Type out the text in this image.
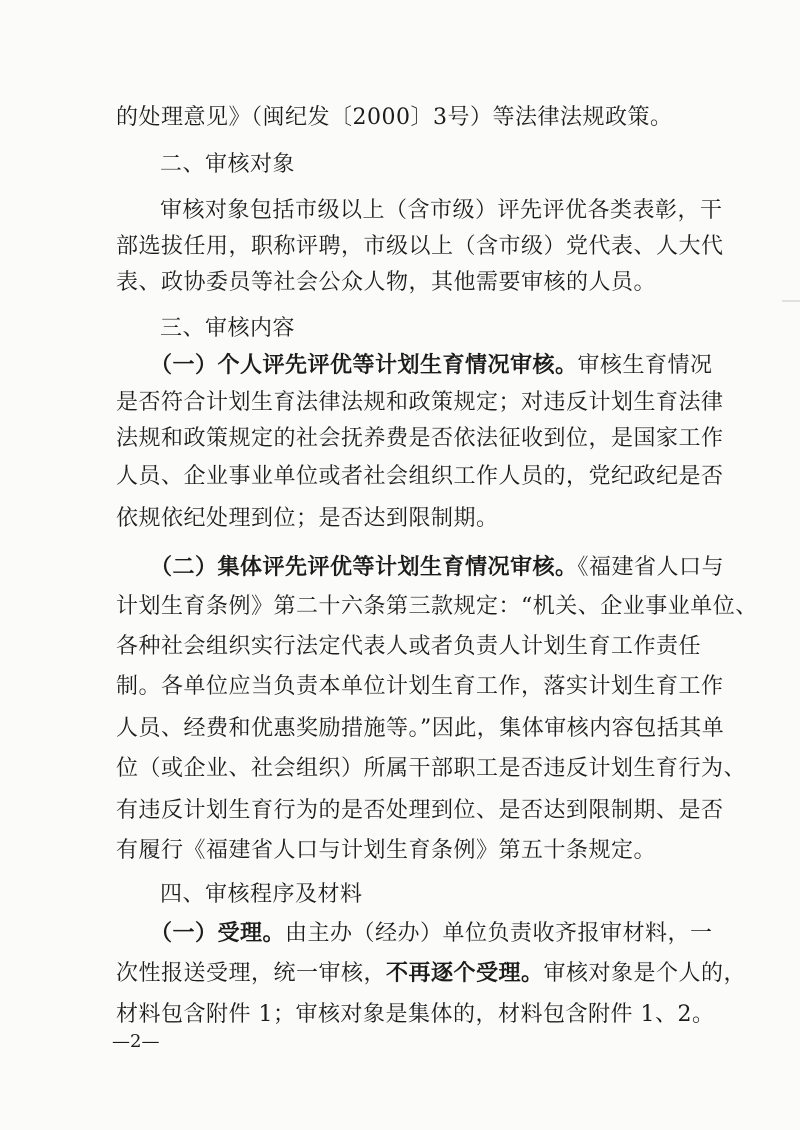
的处理意见》（闽纪发〔2000〕3号）等法律法规政策。
二、审核对象
审核对象包括市级以上（含市级）评先评优各类表彰，干
部选拔任用，职称评聘，市级以上（含市级）党代表、人大代
表、政协委员等社会公众人物，其他需要审核的人员。
三、审核内容
（一）个人评先评优等计划生育情况审核。审核生育情况
是否符合计划生育法律法规和政策规定；对违反计划生育法律
法规和政策规定的社会抚养费是否依法征收到位，是国家工作
人员、企业事业单位或者社会组织工作人员的，党纪政纪是否
依规依纪处理到位；是否达到限制期。
（二）集体评先评优等计划生育情况审核。《福建省人口与
计划生育条例》第二十六条第三款规定：“机关、企业事业单位、
各种社会组织实行法定代表人或者负责人计划生育工作责任
制。各单位应当负责本单位计划生育工作，落实计划生育工作
人员、经费和优惠奖励措施等。”因此，集体审核内容包括其单
位（或企业、社会组织）所属干部职工是否违反计划生育行为、
有违反计划生育行为的是否处理到位、是否达到限制期、是否
有履行《福建省人口与计划生育条例》第五十条规定。
四、审核程序及材料
（一）受理。由主办（经办）单位负责收齐报审材料，一
次性报送受理，统一审核，不再逐个受理。审核对象是个人的，
材料包含附件 1；审核对象是集体的，材料包含附件 1、2。
—2—
